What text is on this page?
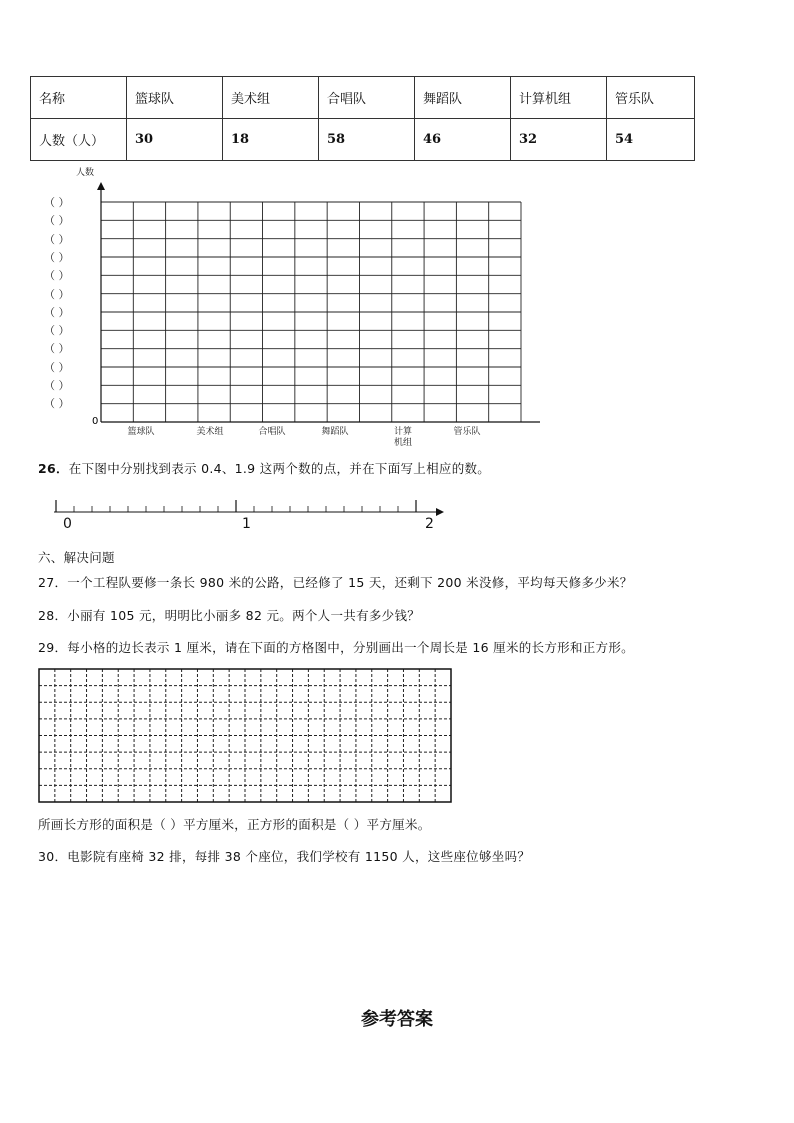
名称	篮球队	美术组	合唱队	舞蹈队	计算机组	管乐队
人数（人）	30	18	58	46	32	54
人数
0
篮球队	美术组	合唱队	舞蹈队	计算
机组
管乐队
（ ）
（ ）
（ ）
（ ）
（ ）
（ ）
（ ）
（ ）
（ ）
（ ）
（ ）
（ ）
26．在下图中分别找到表示 0.4、1.9 这两个数的点，并在下面写上相应的数。
0	1	2
六、解决问题
27．一个工程队要修一条长 980 米的公路，已经修了 15 天，还剩下 200 米没修，平均每天修多少米？
28．小丽有 105 元，明明比小丽多 82 元。两个人一共有多少钱？
29．每小格的边长表示 1 厘米，请在下面的方格图中，分别画出一个周长是 16 厘米的长方形和正方形。
所画长方形的面积是（ ）平方厘米，正方形的面积是（ ）平方厘米。
30．电影院有座椅 32 排，每排 38 个座位，我们学校有 1150 人，这些座位够坐吗？
参考答案
